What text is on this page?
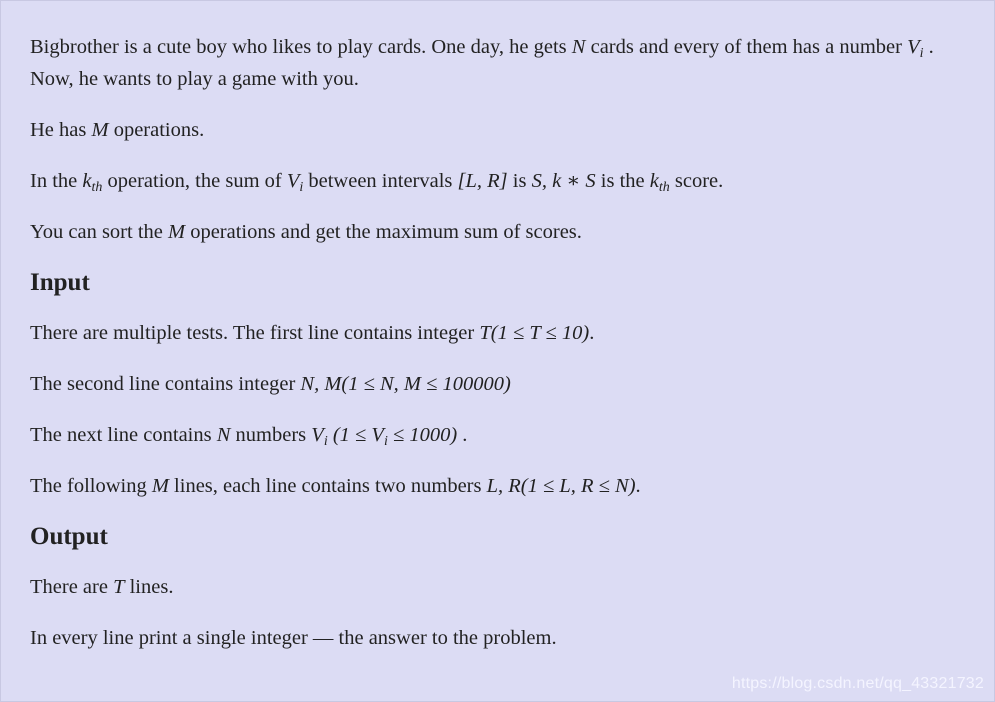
Bigbrother is a cute boy who likes to play cards. One day, he gets N cards and every of them has a number $V_i$ . Now, he wants to play a game with you.

He has M operations.

In the $k_{th}$ operation, the sum of $V_i$ between intervals [L, R] is S, k ∗ S is the $k_{th}$ score.

You can sort the M operations and get the maximum sum of scores.

Input

There are multiple tests. The first line contains integer T(1 ≤ T ≤ 10).

The second line contains integer N, M(1 ≤ N, M ≤ 100000)

The next line contains N numbers $V_i$ $(1 \le V_i \le 1000)$ .

The following M lines, each line contains two numbers L, R(1 ≤ L, R ≤ N).

Output

There are T lines.

In every line print a single integer — the answer to the problem.

https://blog.csdn.net/qq_43321732
